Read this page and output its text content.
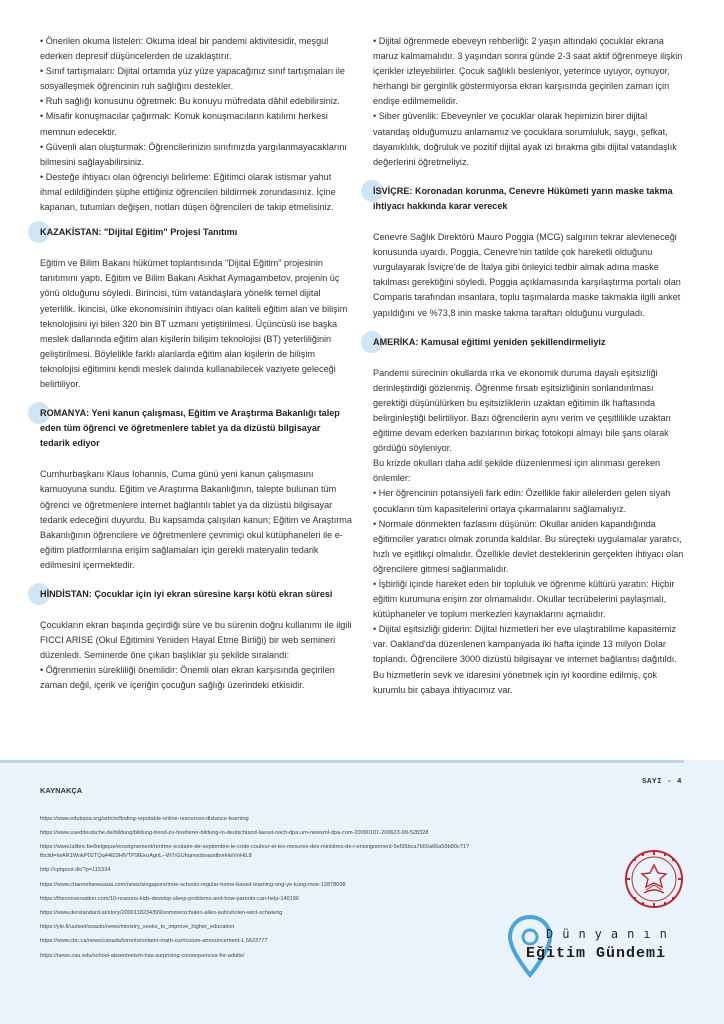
• Önerilen okuma listeleri: Okuma ideal bir pandemi aktivitesidir, meşgul ederken depresif düşüncelerden de uzaklaştırır.

• Sınıf tartışmaları: Dijital ortamda yüz yüze yapacağınız sınıf tartışmaları ile sosyalleşmek öğrencinin ruh sağlığını destekler.

• Ruh sağlığı konusunu öğretmek: Bu konuyu müfredata dâhil edebilirsiniz.

• Misafir konuşmacılar çağırmak: Konuk konuşmacıların katılımı herkesi memnun edecektir.

• Güvenli alan oluşturmak: Öğrencilerinizin sınıfınızda yargılanmayacaklarını bilmesini sağlayabilirsiniz.

• Desteğe ihtiyacı olan öğrenciyi belirleme: Eğitimci olarak istismar yahut ihmal edildiğinden şüphe ettiğiniz öğrencileri bildirmek zorundasınız. İçine kapanan, tutumları değişen, notları düşen öğrencileri de takip etmelisiniz.

KAZAKİSTAN: "Dijital Eğitim" Projesi Tanıtımı

Eğitim ve Bilim Bakanı hükümet toplantısında "Dijital Eğitim" projesinin tanıtımını yaptı. Eğitim ve Bilim Bakanı Askhat Aymagambetov, projenin üç yönü olduğunu söyledi. Birincisi, tüm vatandaşlara yönelik temel dijital yeterlilik. İkincisi, ülke ekonomisinin ihtiyacı olan kaliteli eğitim alan ve bilişim teknolojisini iyi bilen 320 bin BT uzmanı yetiştirilmesi. Üçüncüsü ise başka meslek dallarında eğitim alan kişilerin bilişim teknolojisi (BT) yeterliliğinin geliştirilmesi. Böylelikle farklı alanlarda eğitim alan kişilerin de bilişim teknolojisi eğitimini kendi meslek dalında kullanabilecek vaziyete geleceği belirtiliyor.

ROMANYA: Yeni kanun çalışması, Eğitim ve Araştırma Bakanlığı talep eden tüm öğrenci ve öğretmenlere tablet ya da dizüstü bilgisayar tedarik ediyor

Cumhurbaşkanı Klaus Iohannis, Cuma günü yeni kanun çalışmasını kamuoyuna sundu. Eğitim ve Araştırma Bakanlığının, talepte bulunan tüm öğrenci ve öğretmenlere internet bağlantılı tablet ya da dizüstü bilgisayar tedarik edeceğini duyurdu. Bu kapsamda çalışılan kanun; Eğitim ve Araştırma Bakanlığının öğrencilere ve öğretmenlere çevrimiçi okul kütüphaneleri ile e-eğitim platformlarına erişim sağlamaları için gerekli materyalin tedarik edilmesini içermektedir.

HİNDİSTAN: Çocuklar için iyi ekran süresine karşı kötü ekran süresi

Çocukların ekran başında geçirdiği süre ve bu sürenin doğru kullanımı ile ilgili FICCI ARISE (Okul Eğitimini Yeniden Hayal Etme Birliği) bir web semineri düzenledi. Seminerde öne çıkan başlıklar şu şekilde sıralandı:

• Öğrenmenin sürekliliği önemlidir: Önemli olan ekran karşısında geçirilen zaman değil, içerik ve içeriğin çocuğun sağlığı üzerindeki etkisidir.

• Dijital öğrenmede ebeveyn rehberliği: 2 yaşın altındaki çocuklar ekrana maruz kalmamalıdır. 3 yaşından sonra günde 2-3 saat aktif öğrenmeye ilişkin içerikler izleyebilirler. Çocuk sağlıklı besleniyor, yeterince uyuyor, oynuyor, herhangi bir gerginlik göstermiyorsa ekran karşısında geçirilen zaman için endişe edilmemelidir.

• Siber güvenlik: Ebeveynler ve çocuklar olarak hepimizin birer dijital vatandaş olduğumuzu anlamamız ve çocuklara sorumluluk, saygı, şefkat, dayanıklılık, doğruluk ve pozitif dijital ayak izi bırakma gibi dijital vatandaşlık değerlerini öğretmeliyiz.

İSVİÇRE: Koronadan korunma, Cenevre Hükûmeti yarın maske takma ihtiyacı hakkında karar verecek

Cenevre Sağlık Direktörü Mauro Poggia (MCG) salgının tekrar alevleneceği konusunda uyardı. Poggia, Cenevre'nin tatilde çok hareketli olduğunu vurgulayarak İsviçre'de de İtalya gibi önleyici tedbir almak adına maske takılması gerektiğini söyledi. Poggia açıklamasında karşılaştırma portalı olan Comparis tarafından insanlara, toplu taşımalarda maske takmakla ilgili anket yapıldığını ve %73,8 inin maske takma taraftarı olduğunu vurguladı.

AMERİKA: Kamusal eğitimi yeniden şekillendirmeliyiz

Pandemi sürecinin okullarda ırka ve ekonomik duruma dayalı eşitsizliği derinleştirdiği gözlenmiş. Öğrenme fırsatı eşitsizliğinin sonlandırılması gerektiği düşünülürken bu eşitsizliklerin uzaktan eğitimin ilk haftasında belirginleştiği belirtiliyor. Bazı öğrencilerin aynı verim ve çeşitlilikle uzaktan eğitime devam ederken bazılarının birkaç fotokopi almayı bile şans olarak gördüğü söyleniyor.

Bu krizde okulları daha adil şekilde düzenlenmesi için alınması gereken önlemler:

• Her öğrencinin potansiyeli fark edin: Özellikle fakir ailelerden gelen siyah çocukların tüm kapasitelerini ortaya çıkarmalarını sağlamalıyız.

• Normale dönmekten fazlasını düşünün: Okullar aniden kapandığında eğitimciler yaratıcı olmak zorunda kaldılar. Bu süreçteki uygulamalar yaratıcı, hızlı ve eşitlikçi olmalıdır. Özellikle devlet desteklerinin gerçekten ihtiyacı olan öğrencilere gitmesi sağlanmalıdır.

• İşbirliği içinde hareket eden bir topluluk ve öğrenme kültürü yaratın: Hiçbir eğitim kurumuna erişim zor olmamalıdır. Okullar tecrübelerini paylaşmalı, kütüphaneler ve toplum merkezleri kaynaklarını açmalıdır.

• Dijital eşitsizliği giderin: Dijital hizmetleri her eve ulaştırabilme kapasitemiz var. Oakland'da düzenlenen kampanyada iki hafta içinde 13 milyon Dolar toplandı. Öğrencilere 3000 dizüstü bilgisayar ve internet bağlantısı dağıtıldı. Bu hizmetlerin sevk ve idaresini yönetmek için iyi koordine edilmiş, çok kurumlu bir çabaya ihtiyacımız var.

KAYNAKÇA
SAYI - 4
https://www.edutopia.org/article/finding-reputable-online-resources-distance-learning
https://www.sueddeutsche.de/bildung/bildung-trend-zu-hoeherer-bildung-in-deutschland-laesst-nach-dpa.urn-newsml-dpa-com-20090101-200623-99-528328
https://www.lalibre.be/belgique/enseignement/rentree-scolaire-de-septembre-le-code-couleur-et-les-mesures-des-ministres-de-l-enseignement-5ef35bca7b50a66a59b80c71?fbclid=IwAR1WokP02TQq44t03HlVTP9fEkoAgnL--W7rGUhqmxoboaodbvrkIwVnHtL8
http://cphpost.dk/?p=115334
https://www.channelnewsasia.com/news/singapore/moe-schools-regular-home-based-learning-ong-ye-kung-moe-12878098
https://theconversation.com/10-reasons-kids-develop-sleep-problems-and-how-parents-can-help-140196
https://www.derstandard.at/story/2000118234399/sommerschulen-alles-aufzuholen-wird-schwierig
https://yle.fi/uutiset/osasto/news/ministry_seeks_to_improve_higher_education
https://www.cbc.ca/news/canada/toronto/ontario-math-curriculum-announcement-1.5623777
https://news.osu.edu/school-absenteeism-has-surprising-consequences-for-adults/
Dünyanın
Eğitim Gündemi
